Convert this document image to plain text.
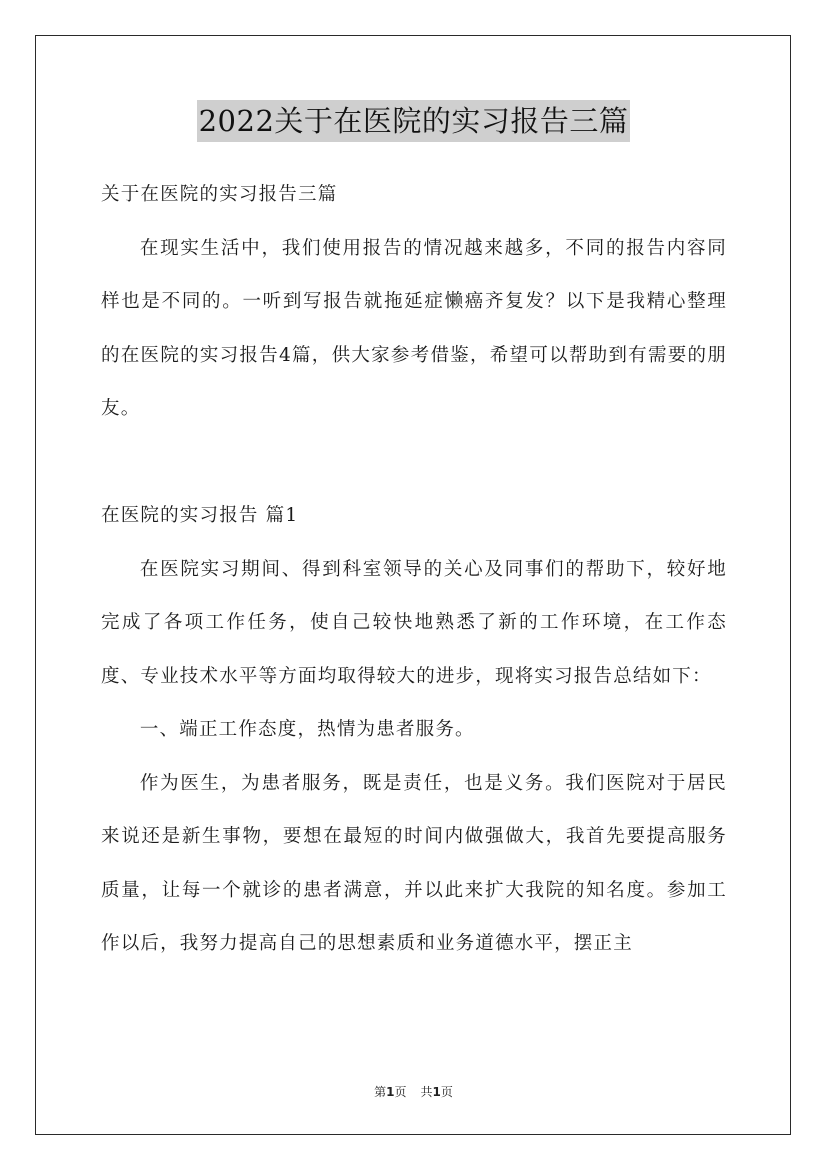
2022关于在医院的实习报告三篇

关于在医院的实习报告三篇

在现实生活中，我们使用报告的情况越来越多，不同的报告内容同样也是不同的。一听到写报告就拖延症懒癌齐复发？以下是我精心整理的在医院的实习报告4篇，供大家参考借鉴，希望可以帮助到有需要的朋友。

在医院的实习报告 篇1

在医院实习期间、得到科室领导的关心及同事们的帮助下，较好地完成了各项工作任务，使自己较快地熟悉了新的工作环境，在工作态度、专业技术水平等方面均取得较大的进步，现将实习报告总结如下：

一、端正工作态度，热情为患者服务。

作为医生，为患者服务，既是责任，也是义务。我们医院对于居民来说还是新生事物，要想在最短的时间内做强做大，我首先要提高服务质量，让每一个就诊的患者满意，并以此来扩大我院的知名度。参加工作以后，我努力提高自己的思想素质和业务道德水平，摆正主

第1页 共1页
